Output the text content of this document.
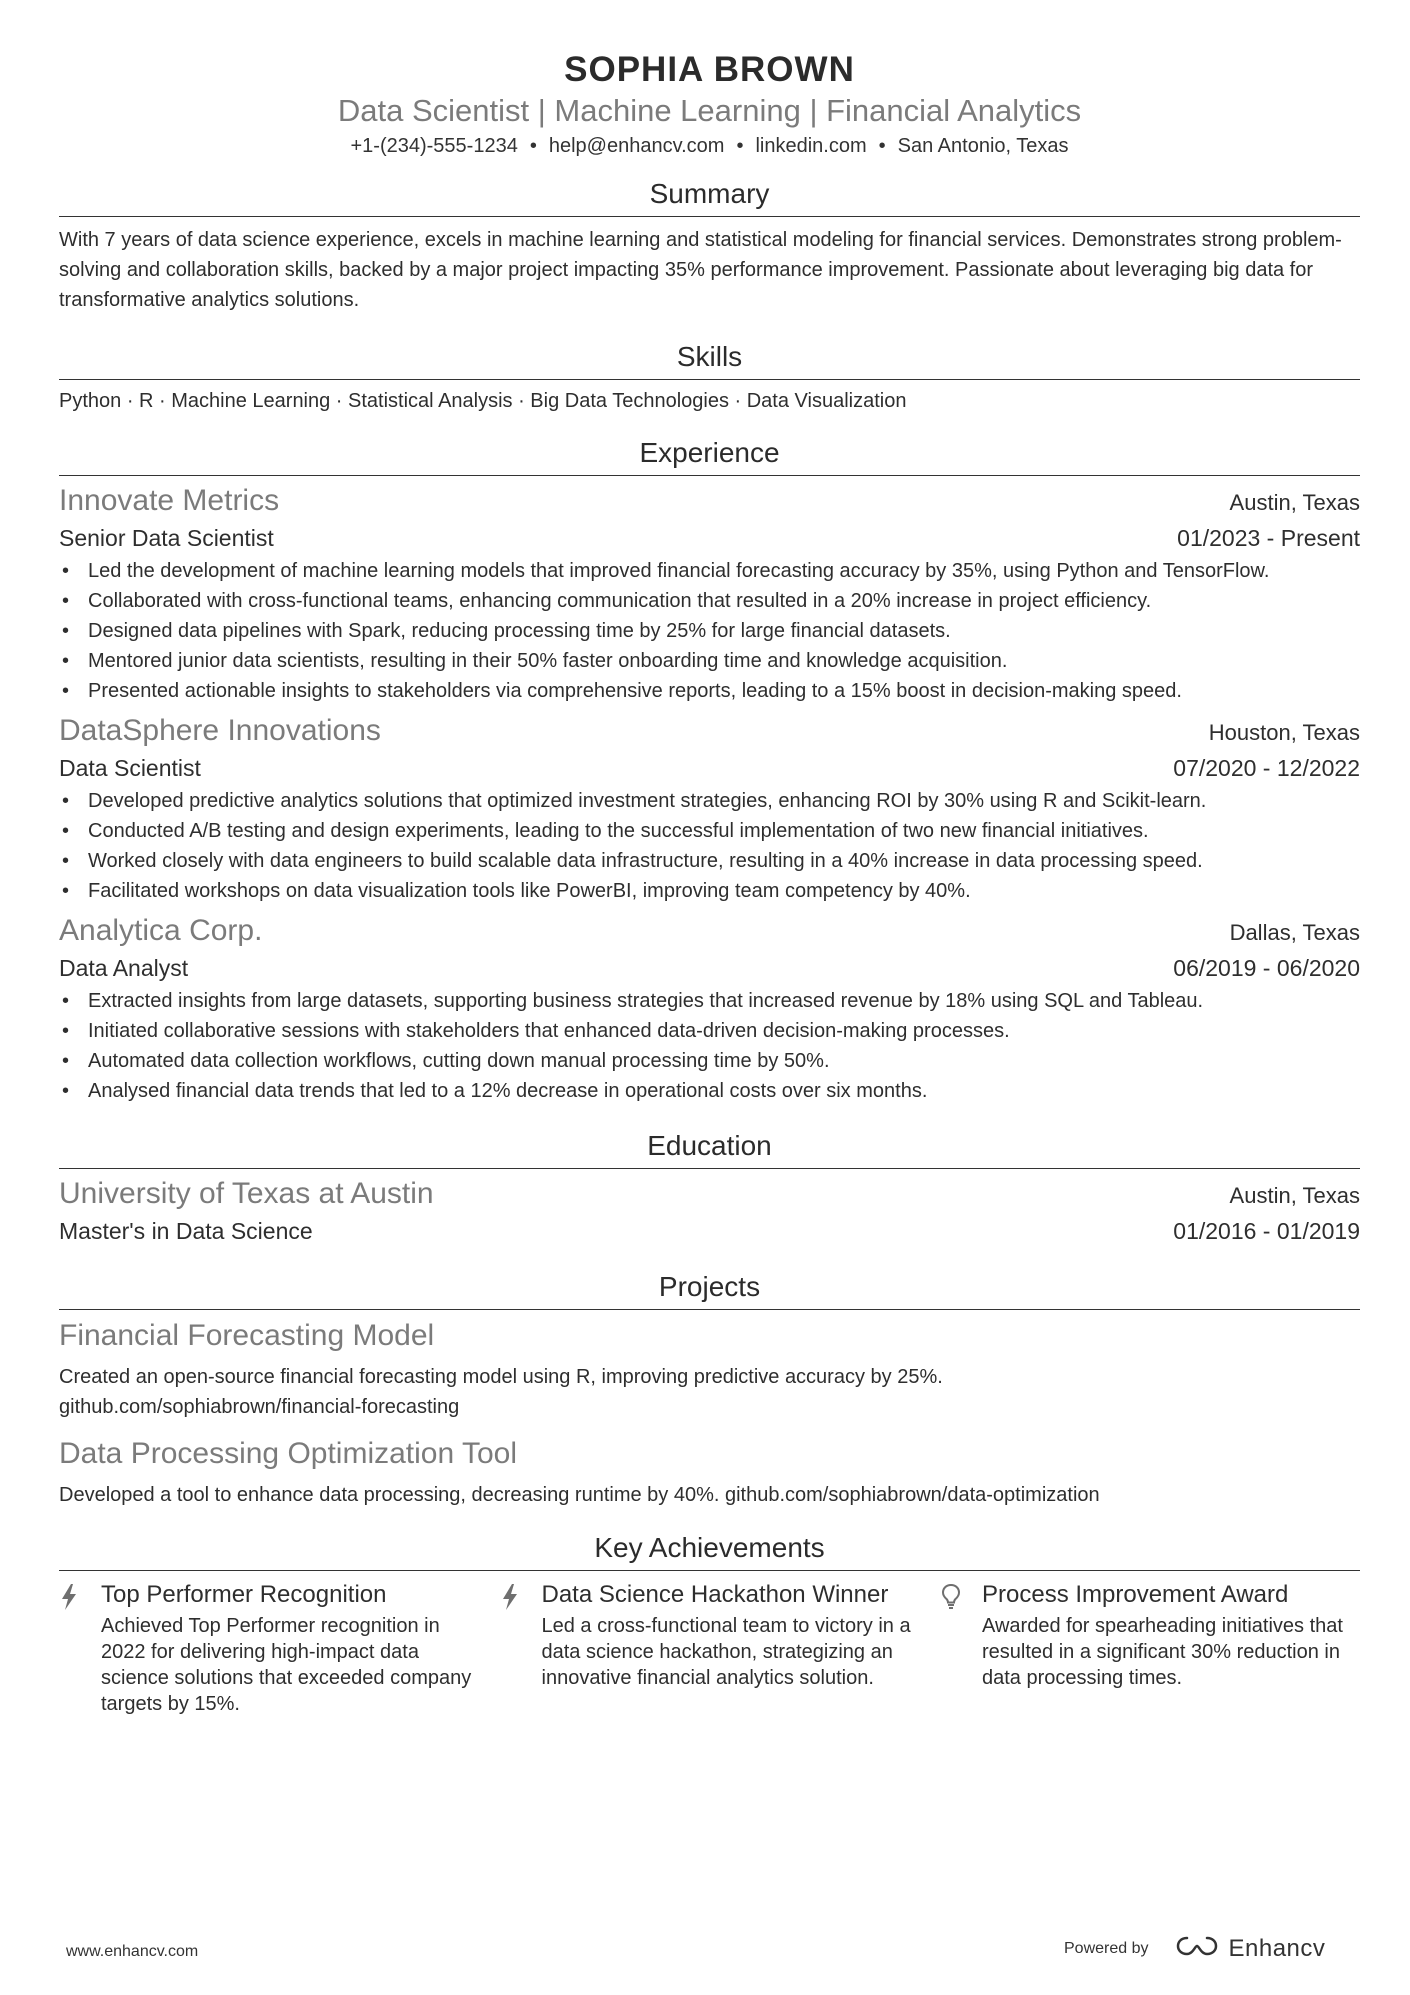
SOPHIA BROWN
Data Scientist | Machine Learning | Financial Analytics
+1-(234)-555-1234 • help@enhancv.com • linkedin.com • San Antonio, Texas
Summary
With 7 years of data science experience, excels in machine learning and statistical modeling for financial services. Demonstrates strong problem-solving and collaboration skills, backed by a major project impacting 35% performance improvement. Passionate about leveraging big data for transformative analytics solutions.
Skills
Python · R · Machine Learning · Statistical Analysis · Big Data Technologies · Data Visualization
Experience
Innovate Metrics	Austin, Texas
Senior Data Scientist	01/2023 - Present
• Led the development of machine learning models that improved financial forecasting accuracy by 35%, using Python and TensorFlow.
• Collaborated with cross-functional teams, enhancing communication that resulted in a 20% increase in project efficiency.
• Designed data pipelines with Spark, reducing processing time by 25% for large financial datasets.
• Mentored junior data scientists, resulting in their 50% faster onboarding time and knowledge acquisition.
• Presented actionable insights to stakeholders via comprehensive reports, leading to a 15% boost in decision-making speed.
DataSphere Innovations	Houston, Texas
Data Scientist	07/2020 - 12/2022
• Developed predictive analytics solutions that optimized investment strategies, enhancing ROI by 30% using R and Scikit-learn.
• Conducted A/B testing and design experiments, leading to the successful implementation of two new financial initiatives.
• Worked closely with data engineers to build scalable data infrastructure, resulting in a 40% increase in data processing speed.
• Facilitated workshops on data visualization tools like PowerBI, improving team competency by 40%.
Analytica Corp.	Dallas, Texas
Data Analyst	06/2019 - 06/2020
• Extracted insights from large datasets, supporting business strategies that increased revenue by 18% using SQL and Tableau.
• Initiated collaborative sessions with stakeholders that enhanced data-driven decision-making processes.
• Automated data collection workflows, cutting down manual processing time by 50%.
• Analysed financial data trends that led to a 12% decrease in operational costs over six months.
Education
University of Texas at Austin	Austin, Texas
Master's in Data Science	01/2016 - 01/2019
Projects
Financial Forecasting Model
Created an open-source financial forecasting model using R, improving predictive accuracy by 25%. github.com/sophiabrown/financial-forecasting
Data Processing Optimization Tool
Developed a tool to enhance data processing, decreasing runtime by 40%. github.com/sophiabrown/data-optimization
Key Achievements
Top Performer Recognition
Achieved Top Performer recognition in 2022 for delivering high-impact data science solutions that exceeded company targets by 15%.
Data Science Hackathon Winner
Led a cross-functional team to victory in a data science hackathon, strategizing an innovative financial analytics solution.
Process Improvement Award
Awarded for spearheading initiatives that resulted in a significant 30% reduction in data processing times.
www.enhancv.com	Powered by	Enhancv
